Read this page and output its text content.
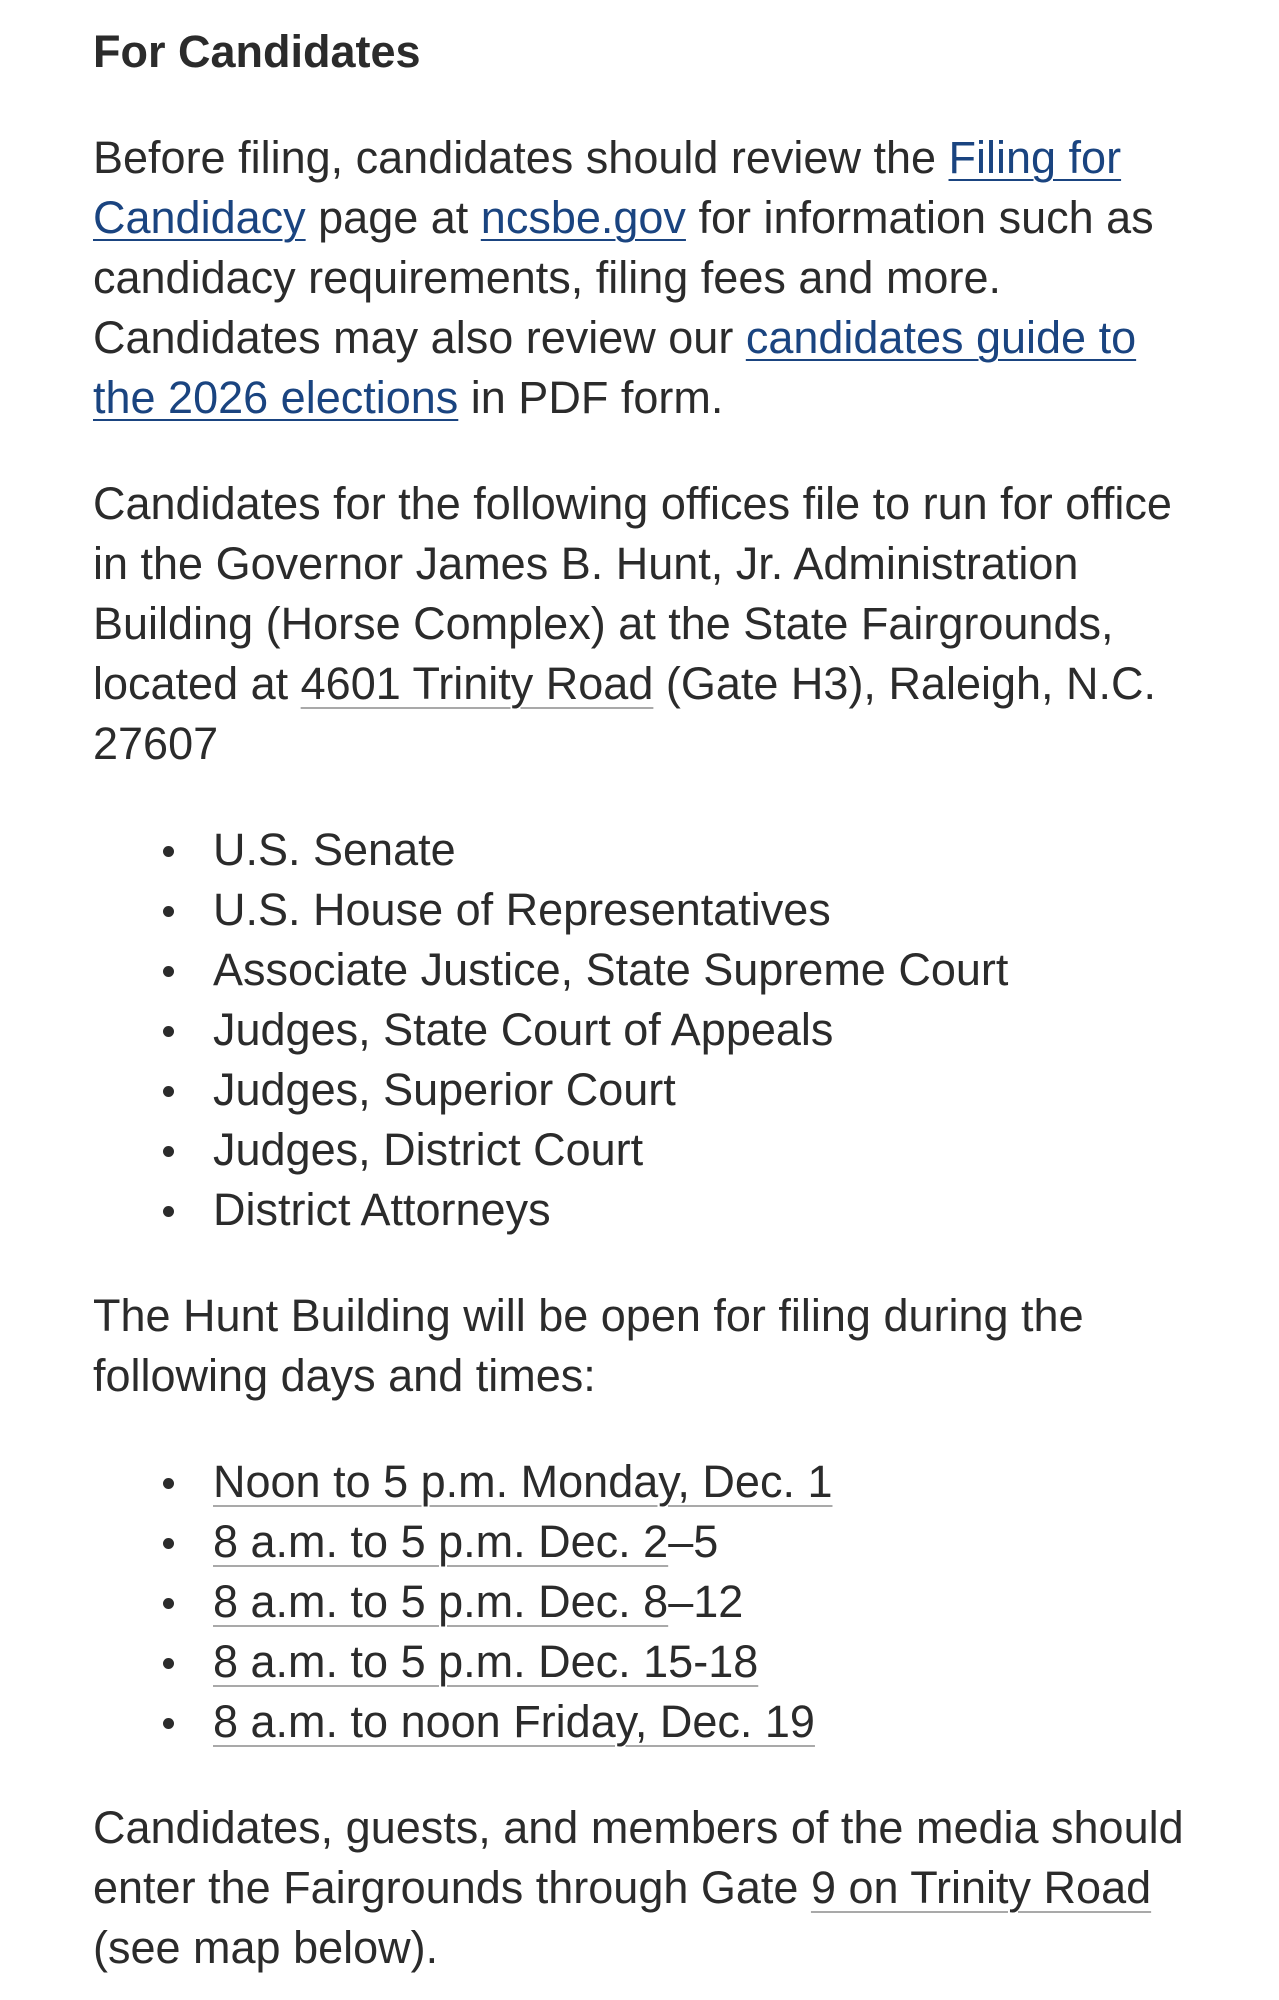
For Candidates

Before filing, candidates should review the Filing for Candidacy page at ncsbe.gov for information such as candidacy requirements, filing fees and more. Candidates may also review our candidates guide to the 2026 elections in PDF form.

Candidates for the following offices file to run for office in the Governor James B. Hunt, Jr. Administration Building (Horse Complex) at the State Fairgrounds, located at 4601 Trinity Road (Gate H3), Raleigh, N.C. 27607

U.S. Senate
U.S. House of Representatives
Associate Justice, State Supreme Court
Judges, State Court of Appeals
Judges, Superior Court
Judges, District Court
District Attorneys

The Hunt Building will be open for filing during the following days and times:

Noon to 5 p.m. Monday, Dec. 1
8 a.m. to 5 p.m. Dec. 2–5
8 a.m. to 5 p.m. Dec. 8–12
8 a.m. to 5 p.m. Dec. 15-18
8 a.m. to noon Friday, Dec. 19

Candidates, guests, and members of the media should enter the Fairgrounds through Gate 9 on Trinity Road (see map below).
